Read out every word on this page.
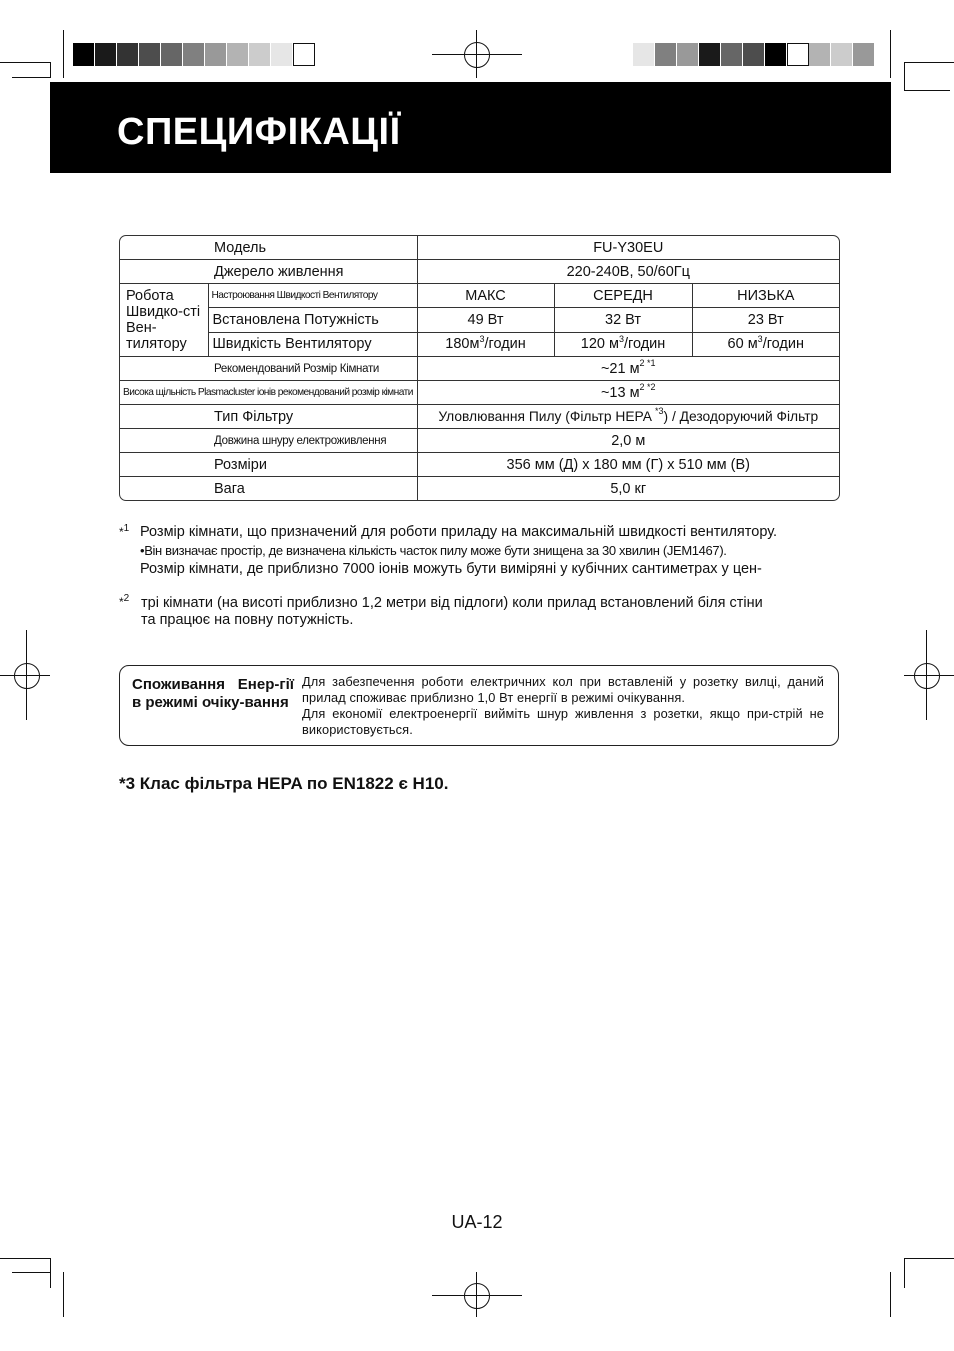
СПЕЦИФІКАЦІЇ
Модель		FU-Y30EU		
Джерело живлення		220-240В, 50/60Гц		
Робота Швидко-сті Вен-тилятору	Настроювання Швидкості Вентилятору	МАКС	СЕРЕДН	НИЗЬКА
	Встановлена Потужність	49 Вт	32 Вт	23 Вт
	Швидкість Вентилятору	$180м^3$/годин	120 $м^3$/годин	60 $м^3$/годин
Рекомендований Розмір Кімнати		~21 $м^{2 *1}$
Висока щільність Plasmacluster іонів рекомендований розмір кімнати		~13 $м^{2 *2}$
Тип Фільтру		Уловлювання Пилу (Фільтр HEPA $^{*3}$) / Дезодоруючий Фільтр		
Довжина шнуру електроживлення		2,0 м		
Розміри		356 мм (Д) x 180 мм (Г) x 510 мм (В)		
Вага		5,0 кг		
*$^1$ Розмір кімнати, що призначений для роботи приладу на максимальній швидкості вентилятору.
•Він визначає простір, де визначена кількість часток пилу може бути знищена за 30 хвилин (JEM1467).
Розмір кімнати, де приблизно 7000 іонів можуть бути виміряні у кубічних сантиметрах у цен-
*$^2$ трі кімнати (на висоті приблизно 1,2 метри від підлоги) коли прилад встановлений біля стіни
та працює на повну потужність.
Споживання Енер-гії в режимі очіку-вання
Для забезпечення роботи електричних кол при вставленій у розетку вилці, даний прилад споживає приблизно 1,0 Вт енергії в режимі очікування.
Для економії електроенергії вийміть шнур живлення з розетки, якщо при-стрій не використовується.
*3 Клас фільтра HEPA по EN1822 є H10.
UA-12
